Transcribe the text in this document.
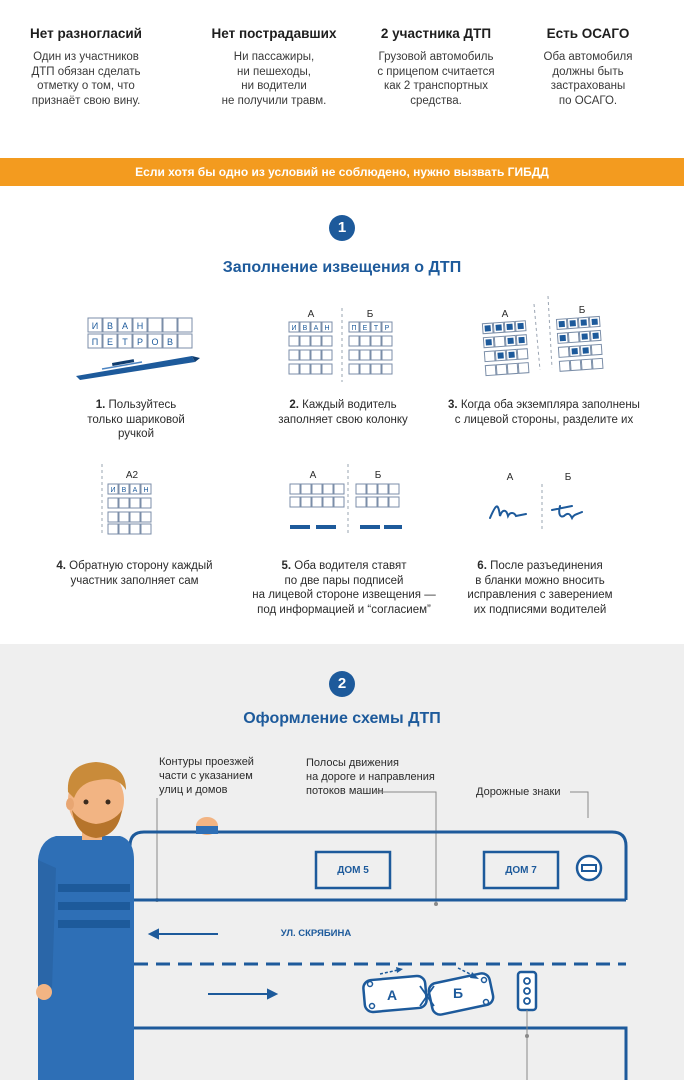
Нет разногласий

Один из участников
ДТП обязан сделать
отметку о том, что
признаёт свою вину.

Нет пострадавших

Ни пассажиры,
ни пешеходы,
ни водители
не получили травм.

2 участника ДТП

Грузовой автомобиль
с прицепом считается
как 2 транспортных
средства.

Есть ОСАГО

Оба автомобиля
должны быть
застрахованы
по ОСАГО.

Если хотя бы одно из условий не соблюдено, нужно вызвать ГИБДД
1
Заполнение извещения о ДТП
И В А Н
П Е Т Р О В
А	Б
И В А Н	П Е Т Р
А	Б
1. Пользуйтесь
только шариковой
ручкой
2. Каждый водитель
заполняет свою колонку
3. Когда оба экземпляра заполнены
с лицевой стороны, разделите их
А2
И В А Н
А	Б	А	Б
4. Обратную сторону каждый
участник заполняет сам
5. Оба водителя ставят
по две пары подписей
на лицевой стороне извещения —
под информацией и “согласием”
6. После разъединения
в бланки можно вносить
исправления с заверением
их подписями водителей
2
Оформление схемы ДТП
Контуры проезжей
части с указанием
улиц и домов
Полосы движения
на дороге и направления
потоков машин	Дорожные знаки
ДОМ 5	ДОМ 7
УЛ. СКРЯБИНА
А	Б
